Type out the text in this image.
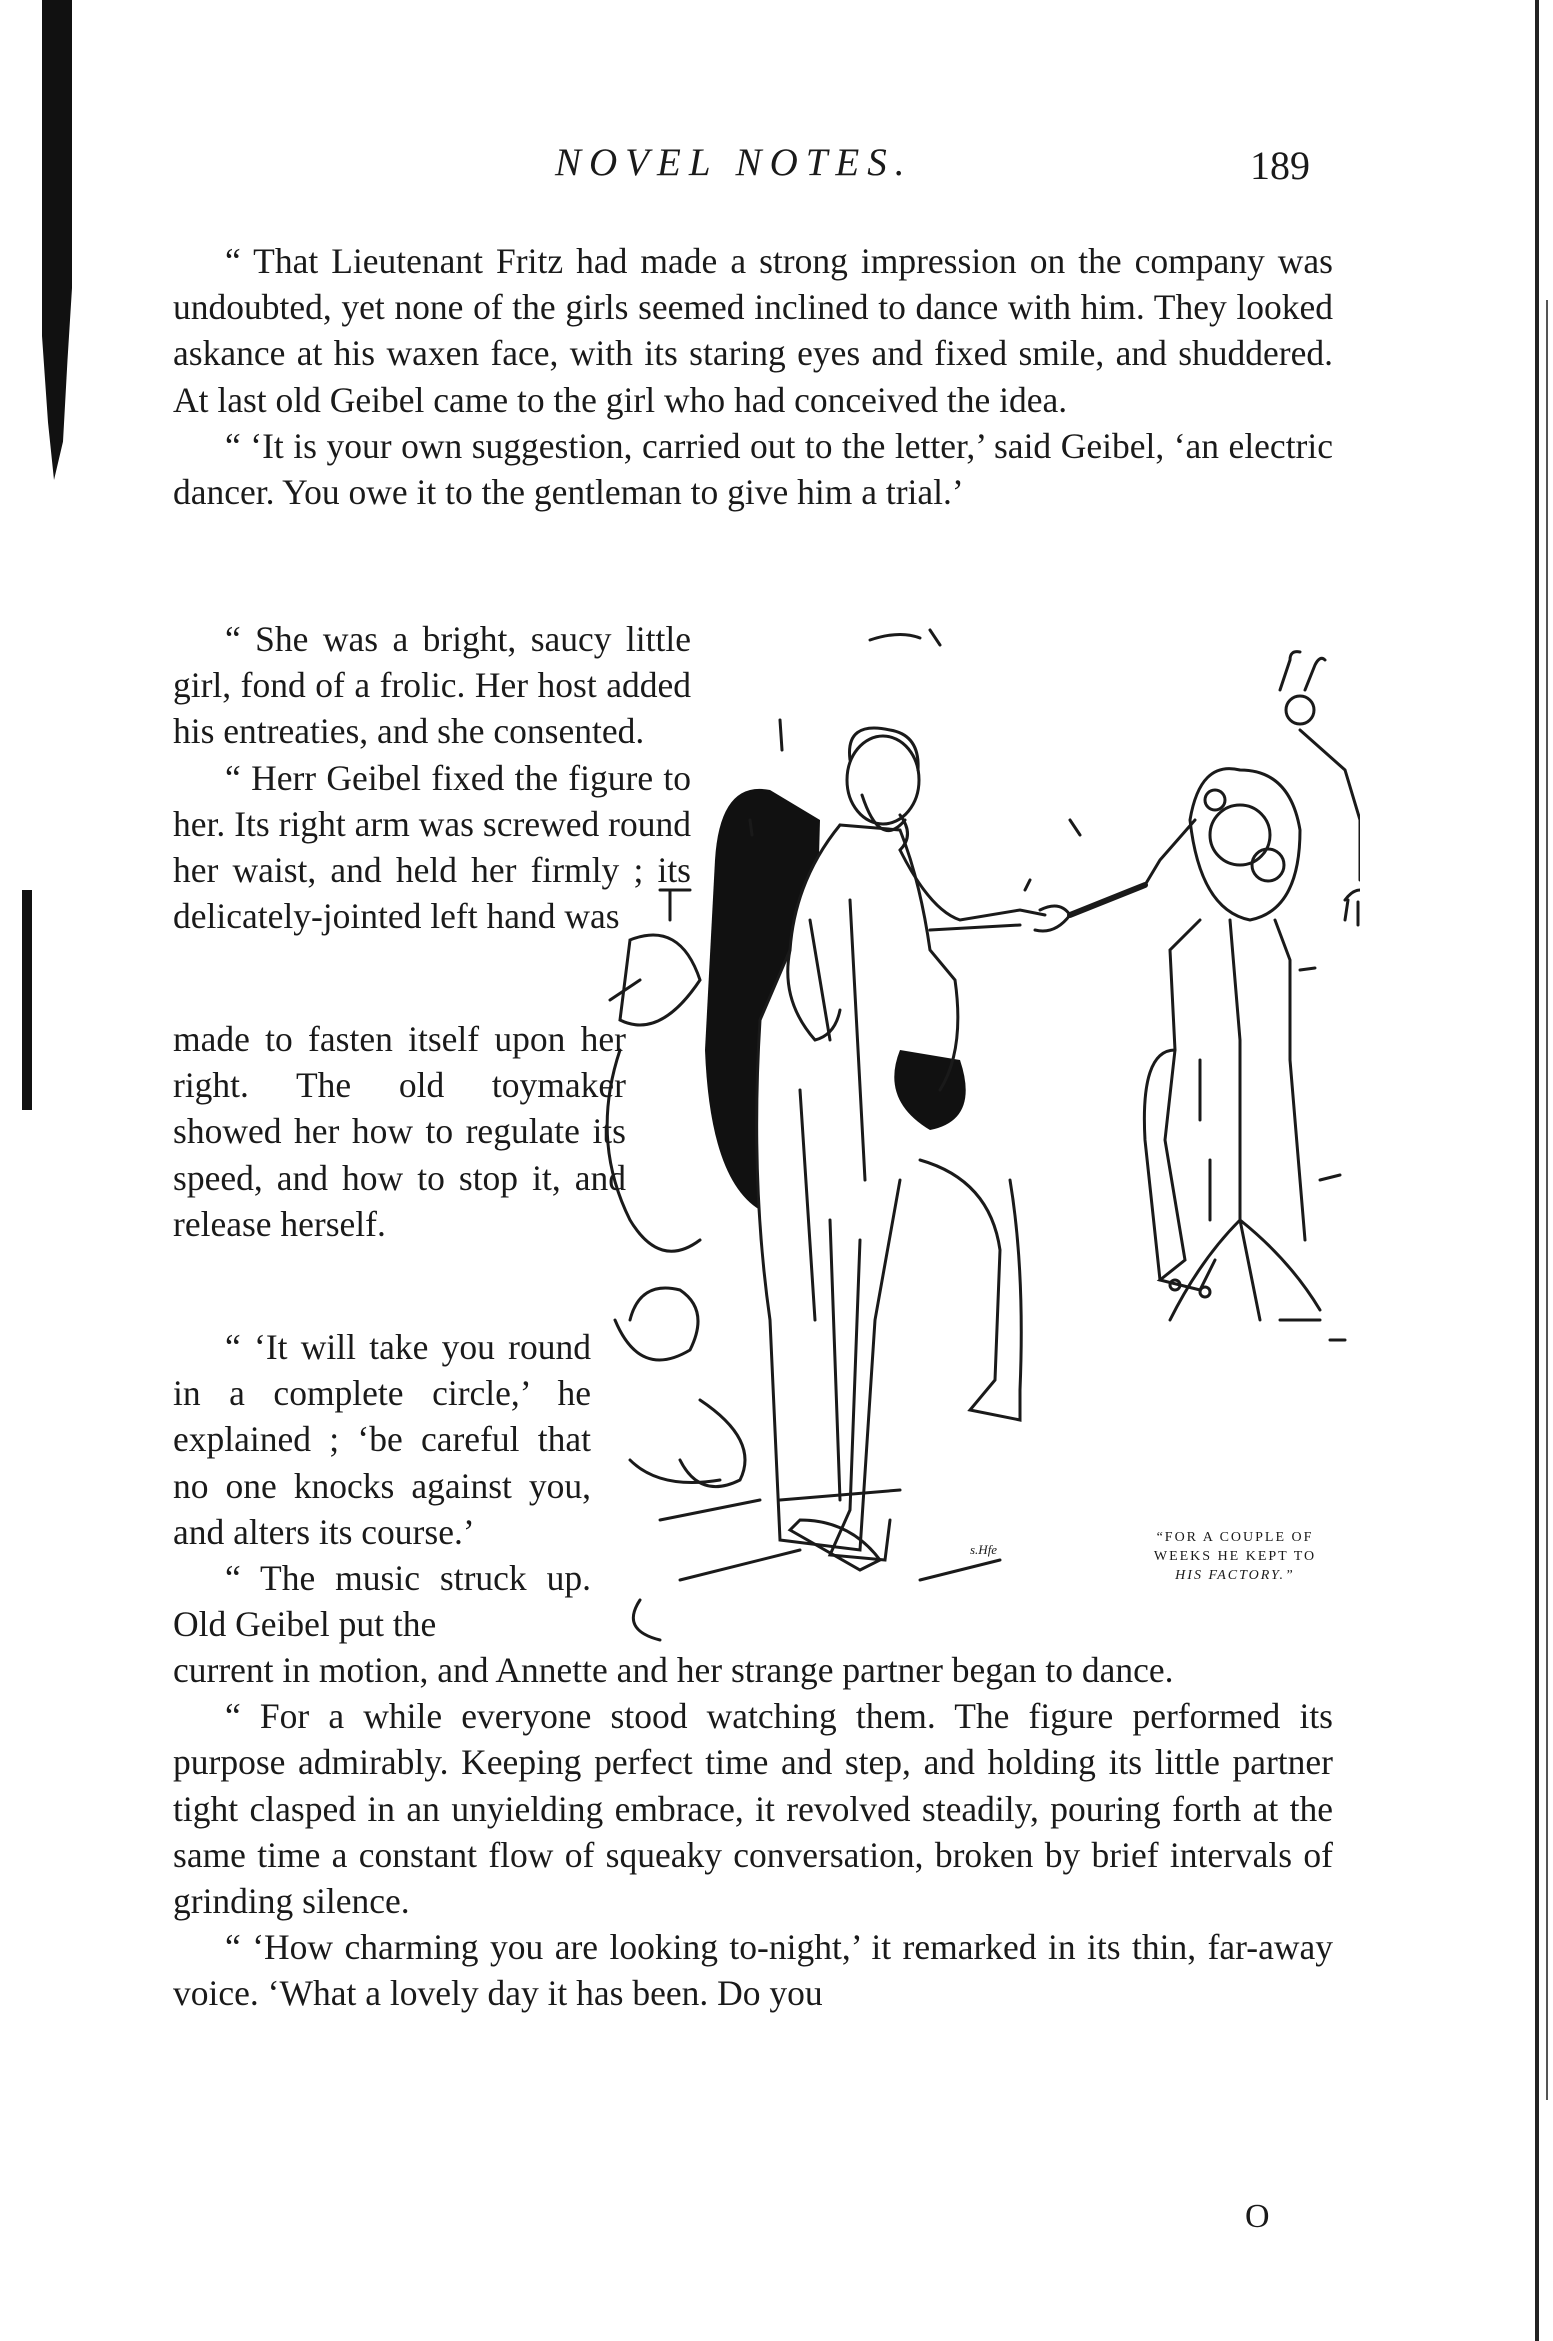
NOVEL NOTES.	189

“ That Lieutenant Fritz had made a strong impression on the company was undoubted, yet none of the girls seemed inclined to dance with him. They looked askance at his waxen face, with its staring eyes and fixed smile, and shuddered. At last old Geibel came to the girl who had conceived the idea.

“ ‘It is your own suggestion, carried out to the letter,’ said Geibel, ‘an electric dancer. You owe it to the gentleman to give him a trial.’

“ She was a bright, saucy little girl, fond of a frolic. Her host added his entreaties, and she consented.

“ Herr Geibel fixed the figure to her. Its right arm was screwed round her waist, and held her firmly ; its delicately-jointed left hand was

made to fasten itself upon her right. The old toymaker showed her how to regulate its speed, and how to stop it, and release herself.

“ ‘It will take you round in a complete circle,’ he explained ; ‘be careful that no one knocks against you, and alters its course.’

“ The music struck up. Old Geibel put the

s.Hfe
“FOR A COUPLE OF
WEEKS HE KEPT TO
HIS FACTORY.”

current in motion, and Annette and her strange partner began to dance.

“ For a while everyone stood watching them. The figure performed its purpose admirably. Keeping perfect time and step, and holding its little partner tight clasped in an unyielding embrace, it revolved steadily, pouring forth at the same time a constant flow of squeaky conversation, broken by brief intervals of grinding silence.

“ ‘How charming you are looking to-night,’ it remarked in its thin, far-away voice. ‘What a lovely day it has been. Do you

O
